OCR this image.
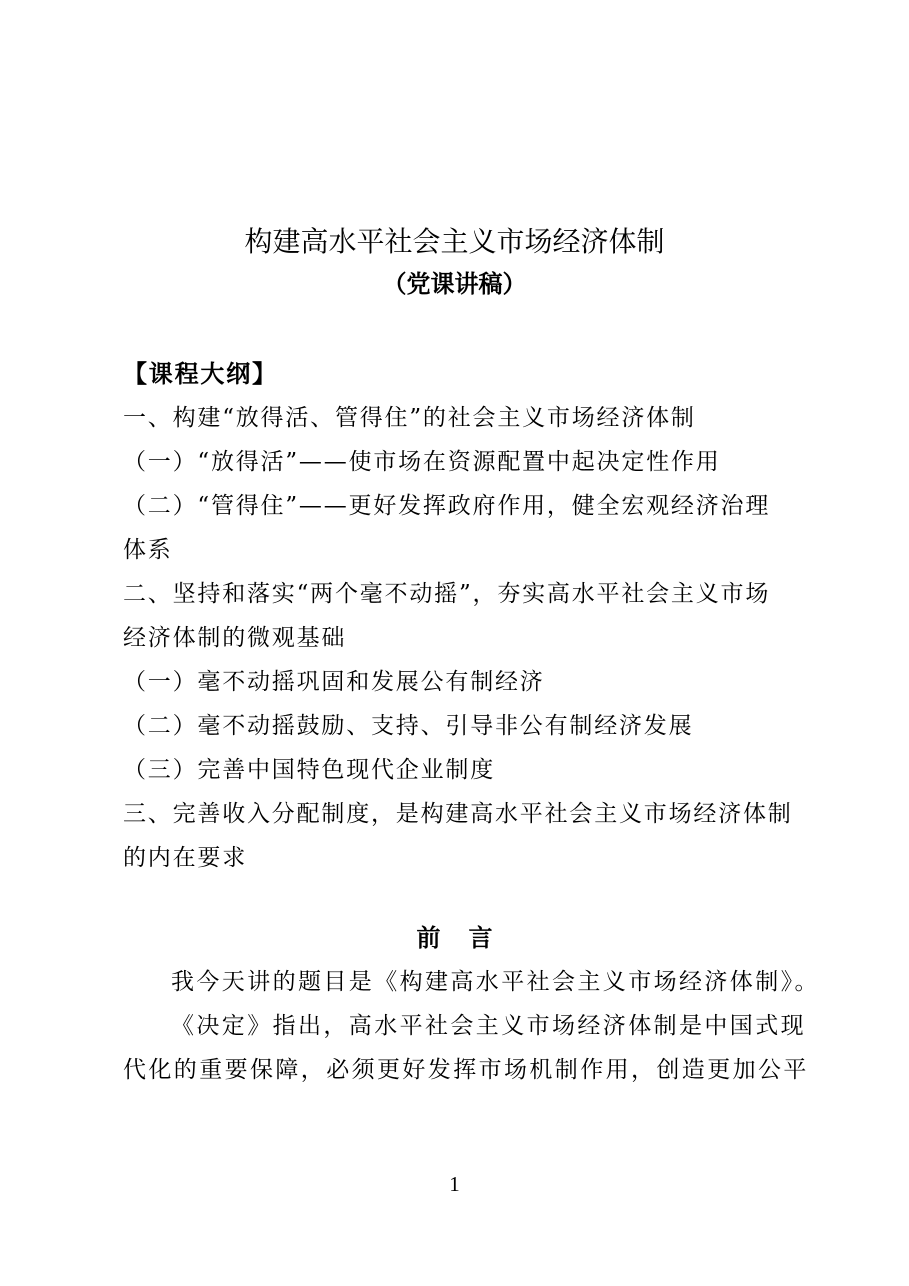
构建高水平社会主义市场经济体制
（党课讲稿）
【课程大纲】
一、构建“放得活、管得住”的社会主义市场经济体制
（一）“放得活”——使市场在资源配置中起决定性作用
（二）“管得住”——更好发挥政府作用，健全宏观经济治理
体系
二、坚持和落实“两个毫不动摇”，夯实高水平社会主义市场
经济体制的微观基础
（一）毫不动摇巩固和发展公有制经济
（二）毫不动摇鼓励、支持、引导非公有制经济发展
（三）完善中国特色现代企业制度
三、完善收入分配制度，是构建高水平社会主义市场经济体制
的内在要求
前言
我今天讲的题目是《构建高水平社会主义市场经济体制》。
《决定》指出，高水平社会主义市场经济体制是中国式现
代化的重要保障，必须更好发挥市场机制作用，创造更加公平
1
